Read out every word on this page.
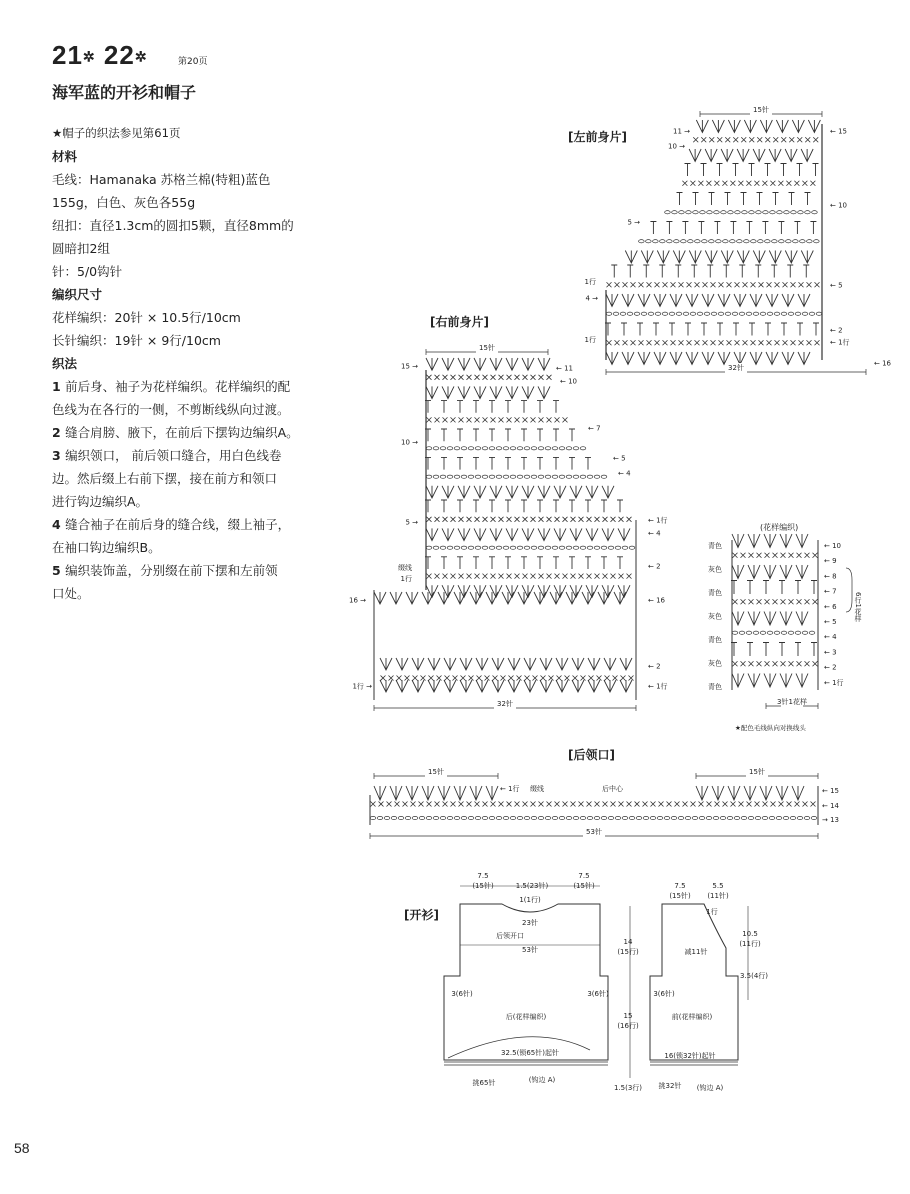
21✲ 22✲	第20页
海军蓝的开衫和帽子

★帽子的织法参见第61页

材料

毛线：Hamanaka 苏格兰棉(特粗)蓝色

155g，白色、灰色各55g

纽扣：直径1.3cm的圆扣5颗，直径8mm的

圆暗扣2组

针：5/0钩针

编织尺寸

花样编织：20针 × 10.5行/10cm

长针编织：19针 × 9行/10cm

织法

1 前后身、袖子为花样编织。花样编织的配

色线为在各行的一侧，不剪断线纵向过渡。

2 缝合肩膀、腋下，在前后下摆钩边编织A。

3 编织领口， 前后领口缝合，用白色线卷

边。然后缀上右前下摆，接在前方和领口

进行钩边编织A。

4 缝合袖子在前后身的缝合线，缀上袖子，

在袖口钩边编织B。

5 编织装饰盖，分别缀在前下摆和左前领

口处。

15针
32针
11 →	← 15
10 →
← 10
5 →
1行	← 5
4 →
← 2
← 1行
1行
← 16
15针
32针
15 →	← 11
← 10
← 7
10 →
← 5
← 4
5 →	← 1行
← 4
缀线
1行
← 2
16 →	← 16
← 2
1行 →	← 1行
青色
灰色
青色
灰色
青色
灰色
青色
← 10
← 9
← 8
← 7
← 6
← 5
← 4
← 3
← 2
← 1行
6行1花样
3针1花样
★配色毛线纵向对换线头
15针	15针
53针
← 1行 缀线	后中心	← 15
← 14
→ 13
7.5
(15针)	1.5(23针)
7.5
(15针)
1(1行)
23针
后领开口
53针
14
(15行)
3(6针)	3(6针)
后(花样编织)	15
(16行)
32.5(锁65针)起针
挑65针	(钩边 A)
1.5(3行)
7.5
(15针)
5.5
(11针)
1行
减11针
10.5
(11行)
3.5(4行)
3(6针)
前(花样编织)
16(锁32针)起针
挑32针 (钩边 A)
[左前身片]
[右前身片]
(花样编织)
[后领口]
[开衫]
58
